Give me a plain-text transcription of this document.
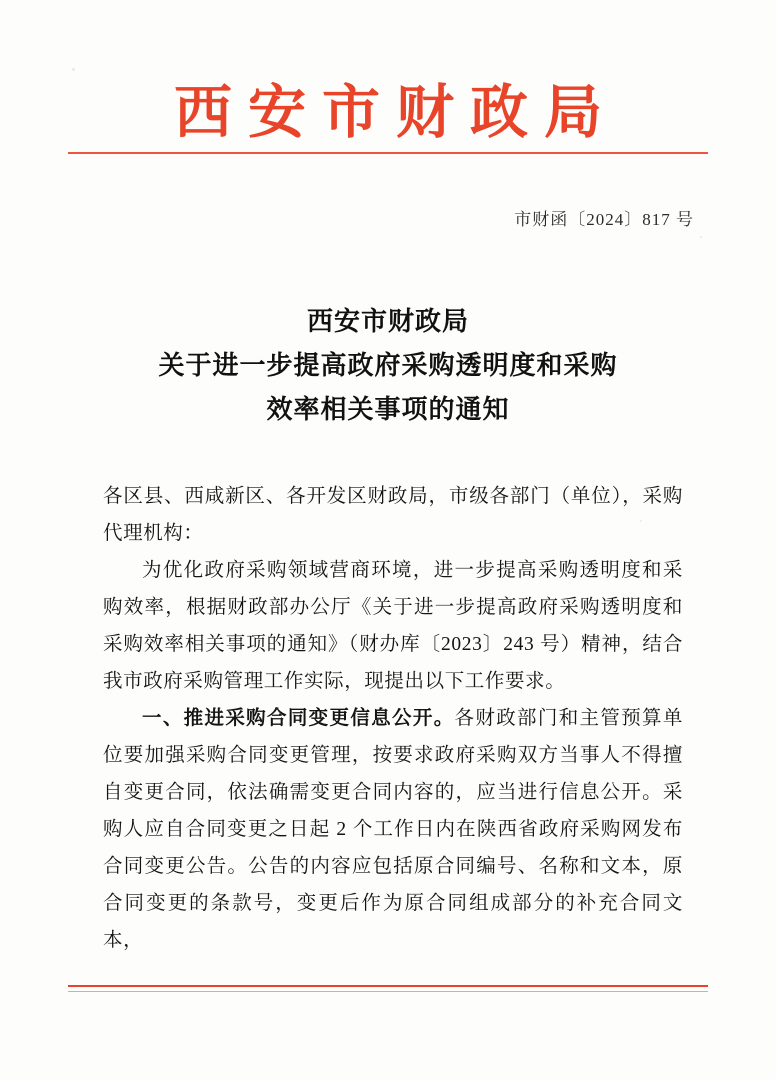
西安市财政局
市财函〔2024〕817 号
西安市财政局
关于进一步提高政府采购透明度和采购
效率相关事项的通知

各区县、西咸新区、各开发区财政局，市级各部门（单位），采购代理机构：

为优化政府采购领域营商环境，进一步提高采购透明度和采购效率，根据财政部办公厅《关于进一步提高政府采购透明度和采购效率相关事项的通知》（财办库〔2023〕243 号）精神，结合我市政府采购管理工作实际，现提出以下工作要求。

一、推进采购合同变更信息公开。各财政部门和主管预算单位要加强采购合同变更管理，按要求政府采购双方当事人不得擅自变更合同，依法确需变更合同内容的，应当进行信息公开。采购人应自合同变更之日起 2 个工作日内在陕西省政府采购网发布合同变更公告。公告的内容应包括原合同编号、名称和文本，原合同变更的条款号，变更后作为原合同组成部分的补充合同文本，
